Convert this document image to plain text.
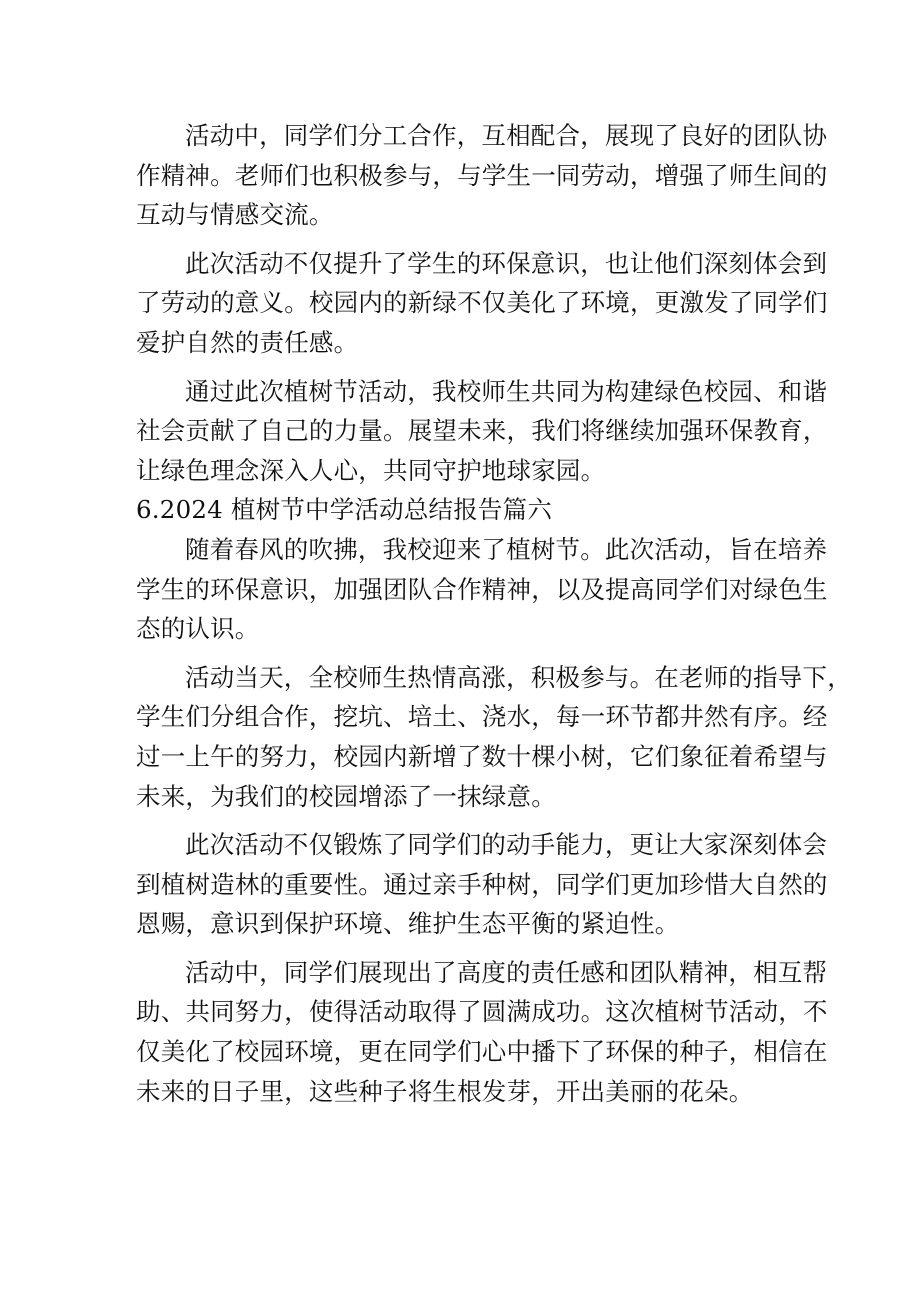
活动中，同学们分工合作，互相配合，展现了良好的团队协
作精神。老师们也积极参与，与学生一同劳动，增强了师生间的
互动与情感交流。
此次活动不仅提升了学生的环保意识，也让他们深刻体会到
了劳动的意义。校园内的新绿不仅美化了环境，更激发了同学们
爱护自然的责任感。
通过此次植树节活动，我校师生共同为构建绿色校园、和谐
社会贡献了自己的力量。展望未来，我们将继续加强环保教育，
让绿色理念深入人心，共同守护地球家园。
6.2024 植树节中学活动总结报告篇六
随着春风的吹拂，我校迎来了植树节。此次活动，旨在培养
学生的环保意识，加强团队合作精神，以及提高同学们对绿色生
态的认识。
活动当天，全校师生热情高涨，积极参与。在老师的指导下，
学生们分组合作，挖坑、培土、浇水，每一环节都井然有序。经
过一上午的努力，校园内新增了数十棵小树，它们象征着希望与
未来，为我们的校园增添了一抹绿意。
此次活动不仅锻炼了同学们的动手能力，更让大家深刻体会
到植树造林的重要性。通过亲手种树，同学们更加珍惜大自然的
恩赐，意识到保护环境、维护生态平衡的紧迫性。
活动中，同学们展现出了高度的责任感和团队精神，相互帮
助、共同努力，使得活动取得了圆满成功。这次植树节活动，不
仅美化了校园环境，更在同学们心中播下了环保的种子，相信在
未来的日子里，这些种子将生根发芽，开出美丽的花朵。
